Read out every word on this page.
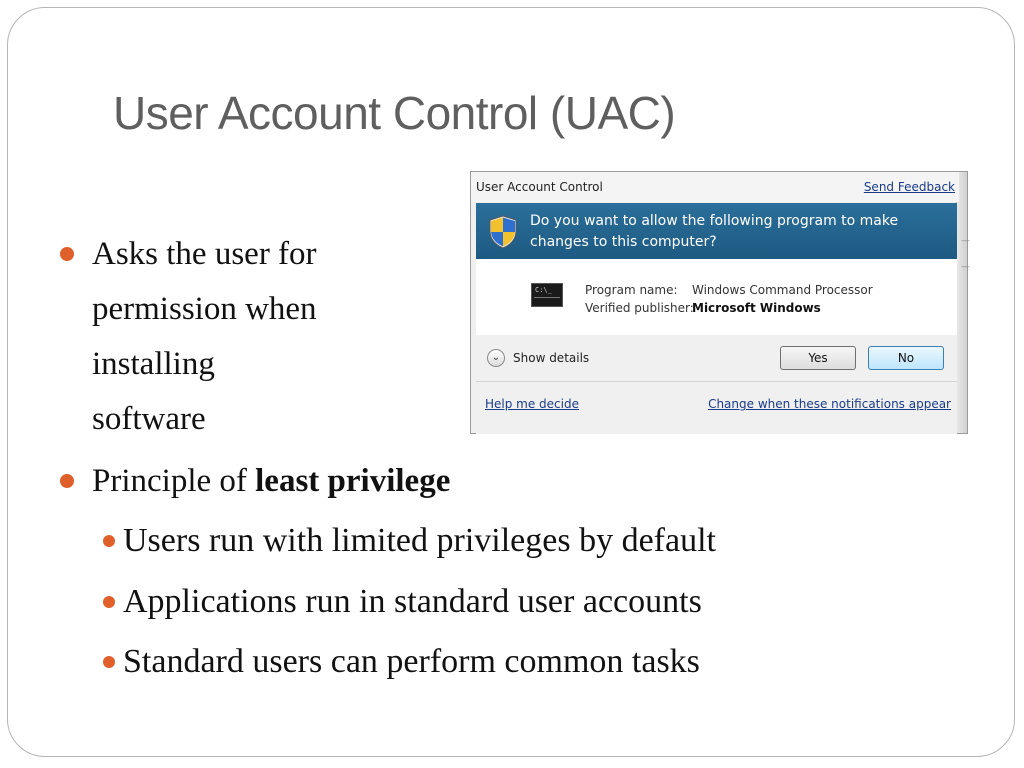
User Account Control (UAC)
Asks the user for
permission when
installing
software
Principle of least privilege
Users run with limited privileges by default
Applications run in standard user accounts
Standard users can perform common tasks
—
—
User Account Control	Send Feedback
Do you want to allow the following program to make changes to this computer?
C:\_	Program name: Windows Command Processor
Verified publisher:
Microsoft Windows
⌄	Show details	Yes	No
Help me decide	Change when these notifications appear
